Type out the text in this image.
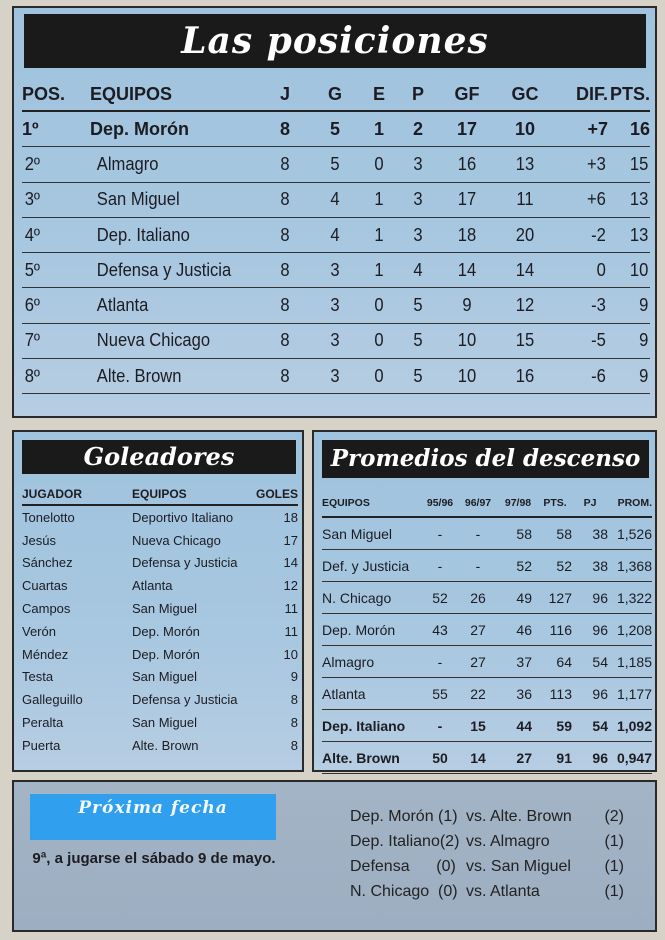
Las posiciones
POS.	EQUIPOS	J	G	E	P	GF	GC	DIF.	PTS.
1º	Dep. Morón	8	5	1	2	17	10	+7	16
2º	Almagro	8	5	0	3	16	13	+3	15
3º	San Miguel	8	4	1	3	17	11	+6	13
4º	Dep. Italiano	8	4	1	3	18	20	-2	13
5º	Defensa y Justicia	8	3	1	4	14	14	0	10
6º	Atlanta	8	3	0	5	9	12	-3	9
7º	Nueva Chicago	8	3	0	5	10	15	-5	9
8º	Alte. Brown	8	3	0	5	10	16	-6	9
Goleadores
JUGADOR	EQUIPOS	GOLES
Tonelotto	Deportivo Italiano	18
Jesús	Nueva Chicago	17
Sánchez	Defensa y Justicia	14
Cuartas	Atlanta	12
Campos	San Miguel	11
Verón	Dep. Morón	11
Méndez	Dep. Morón	10
Testa	San Miguel	9
Galleguillo	Defensa y Justicia	8
Peralta	San Miguel	8
Puerta	Alte. Brown	8
Promedios del descenso
EQUIPOS	95/96	96/97	97/98	PTS.	PJ	PROM.
San Miguel	-	-	58	58	38	1,526
Def. y Justicia	-	-	52	52	38	1,368
N. Chicago	52	26	49	127	96	1,322
Dep. Morón	43	27	46	116	96	1,208
Almagro	-	27	37	64	54	1,185
Atlanta	55	22	36	113	96	1,177
Dep. Italiano	-	15	44	59	54	1,092
Alte. Brown	50	14	27	91	96	0,947
Próxima fecha
9ª, a jugarse el sábado 9 de mayo.
Dep. Morón (1) vs. Alte. Brown	(2)
Dep. Italiano(2) vs. Almagro	(1)
Defensa      (0) vs. San Miguel	(1)
N. Chicago  (0) vs. Atlanta	(1)
